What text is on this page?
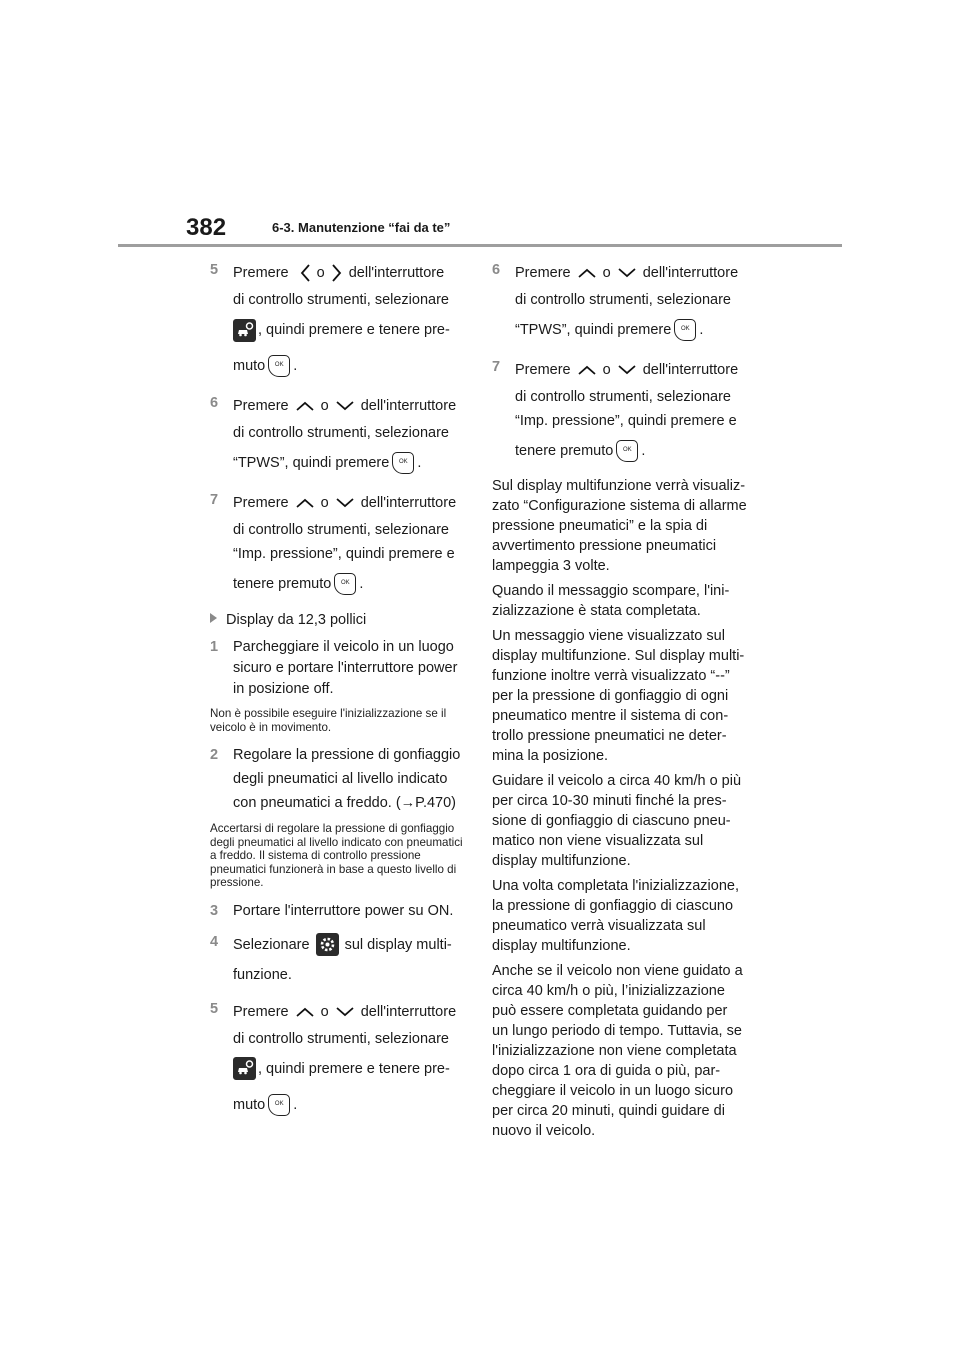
382	6-3. Manutenzione “fai da te”
5	Premere o dell'interruttore
di controllo strumenti, selezionare
, quindi premere e tenere pre-
muto	OK .
6	Premere o dell'interruttore
di controllo strumenti, selezionare
“TPWS”, quindi premere	OK .
7	Premere o dell'interruttore
di controllo strumenti, selezionare
“Imp. pressione”, quindi premere e
tenere premuto	OK .
Display da 12,3 pollici
1	Parcheggiare il veicolo in un luogo
sicuro e portare l'interruttore power
in posizione off.
Non è possibile eseguire l'inizializzazione se il veicolo è in movimento.
2	Regolare la pressione di gonfiaggio
degli pneumatici al livello indicato
con pneumatici a freddo. (→P.470)
Accertarsi di regolare la pressione di gonfiaggio degli pneumatici al livello indicato con pneumatici a freddo. Il sistema di controllo pressione pneumatici funzionerà in base a questo livello di pressione.
3	Portare l'interruttore power su ON.
4	Selezionare sul display multi-
funzione.
5	Premere o dell'interruttore
di controllo strumenti, selezionare
, quindi premere e tenere pre-
muto	OK .
6	Premere o dell'interruttore
di controllo strumenti, selezionare
“TPWS”, quindi premere	OK .
7	Premere o dell'interruttore
di controllo strumenti, selezionare
“Imp. pressione”, quindi premere e
tenere premuto	OK .

Sul display multifunzione verrà visualizzato “Configurazione sistema di allarme pressione pneumatici” e la spia di avvertimento pressione pneumatici lampeggia 3 volte.

Quando il messaggio scompare, l'inizializzazione è stata completata.

Un messaggio viene visualizzato sul display multifunzione. Sul display multifunzione inoltre verrà visualizzato “--” per la pressione di gonfiaggio di ogni pneumatico mentre il sistema di controllo pressione pneumatici ne determina la posizione.

Guidare il veicolo a circa 40 km/h o più per circa 10-30 minuti finché la pressione di gonfiaggio di ciascuno pneumatico non viene visualizzata sul display multifunzione.

Una volta completata l'inizializzazione, la pressione di gonfiaggio di ciascuno pneumatico verrà visualizzata sul display multifunzione.

Anche se il veicolo non viene guidato a circa 40 km/h o più, l’inizializzazione può essere completata guidando per un lungo periodo di tempo. Tuttavia, se l'inizializzazione non viene completata dopo circa 1 ora di guida o più, parcheggiare il veicolo in un luogo sicuro per circa 20 minuti, quindi guidare di nuovo il veicolo.
